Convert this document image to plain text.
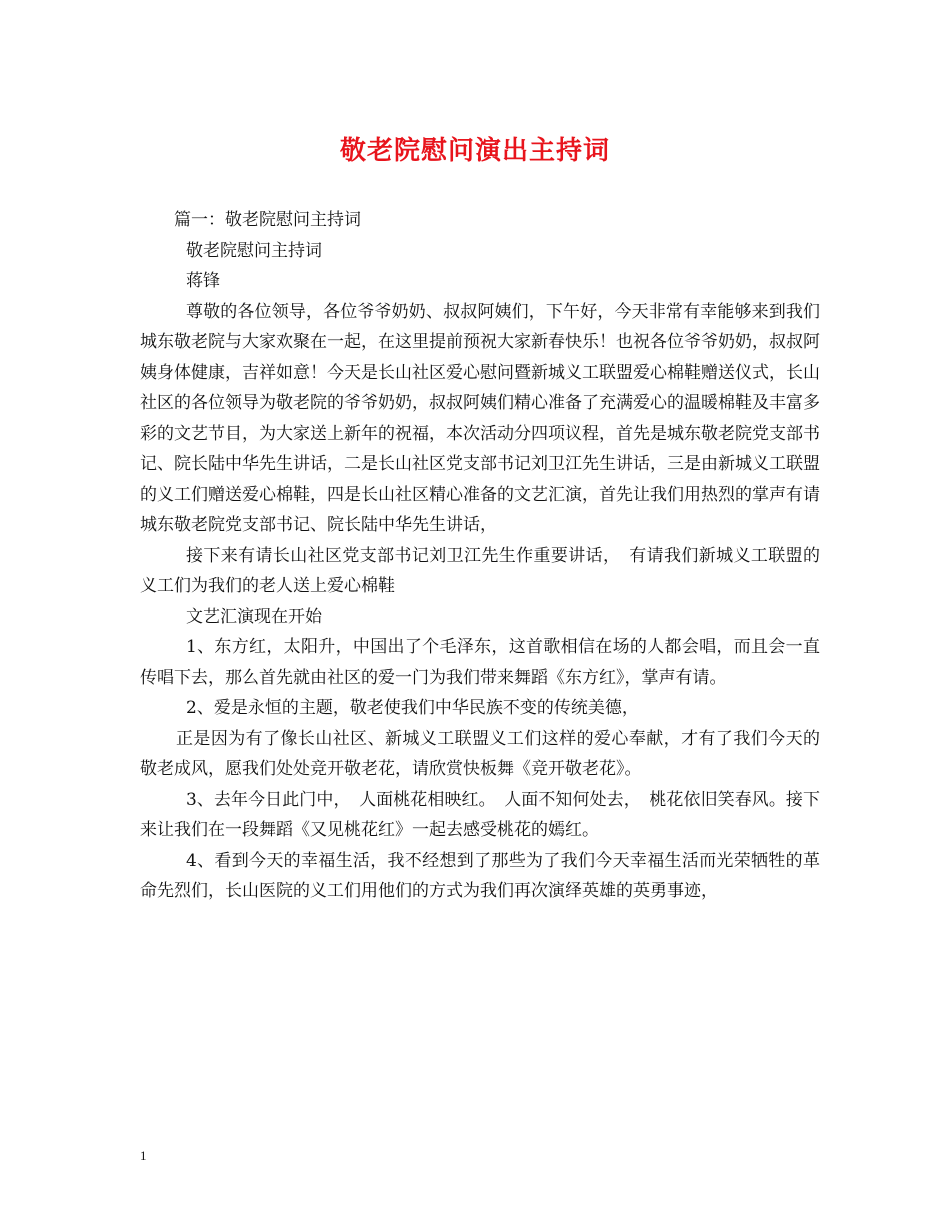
敬老院慰问演出主持词

篇一：敬老院慰问主持词

敬老院慰问主持词

蒋锋

尊敬的各位领导，各位爷爷奶奶、叔叔阿姨们，下午好，今天非常有幸能够来到我们城东敬老院与大家欢聚在一起，在这里提前预祝大家新春快乐！也祝各位爷爷奶奶，叔叔阿姨身体健康，吉祥如意！今天是长山社区爱心慰问暨新城义工联盟爱心棉鞋赠送仪式，长山社区的各位领导为敬老院的爷爷奶奶，叔叔阿姨们精心准备了充满爱心的温暖棉鞋及丰富多彩的文艺节目，为大家送上新年的祝福，本次活动分四项议程，首先是城东敬老院党支部书记、院长陆中华先生讲话，二是长山社区党支部书记刘卫江先生讲话，三是由新城义工联盟的义工们赠送爱心棉鞋，四是长山社区精心准备的文艺汇演，首先让我们用热烈的掌声有请城东敬老院党支部书记、院长陆中华先生讲话，

接下来有请长山社区党支部书记刘卫江先生作重要讲话，　有请我们新城义工联盟的义工们为我们的老人送上爱心棉鞋

文艺汇演现在开始

1、东方红，太阳升，中国出了个毛泽东，这首歌相信在场的人都会唱，而且会一直传唱下去，那么首先就由社区的爱一门为我们带来舞蹈《东方红》，掌声有请。

2、爱是永恒的主题，敬老使我们中华民族不变的传统美德，

正是因为有了像长山社区、新城义工联盟义工们这样的爱心奉献，才有了我们今天的敬老成风，愿我们处处竞开敬老花，请欣赏快板舞《竞开敬老花》。

3、去年今日此门中，　人面桃花相映红。　人面不知何处去，　桃花依旧笑春风。接下来让我们在一段舞蹈《又见桃花红》一起去感受桃花的嫣红。

4、看到今天的幸福生活，我不经想到了那些为了我们今天幸福生活而光荣牺牲的革命先烈们，长山医院的义工们用他们的方式为我们再次演绎英雄的英勇事迹，

1
